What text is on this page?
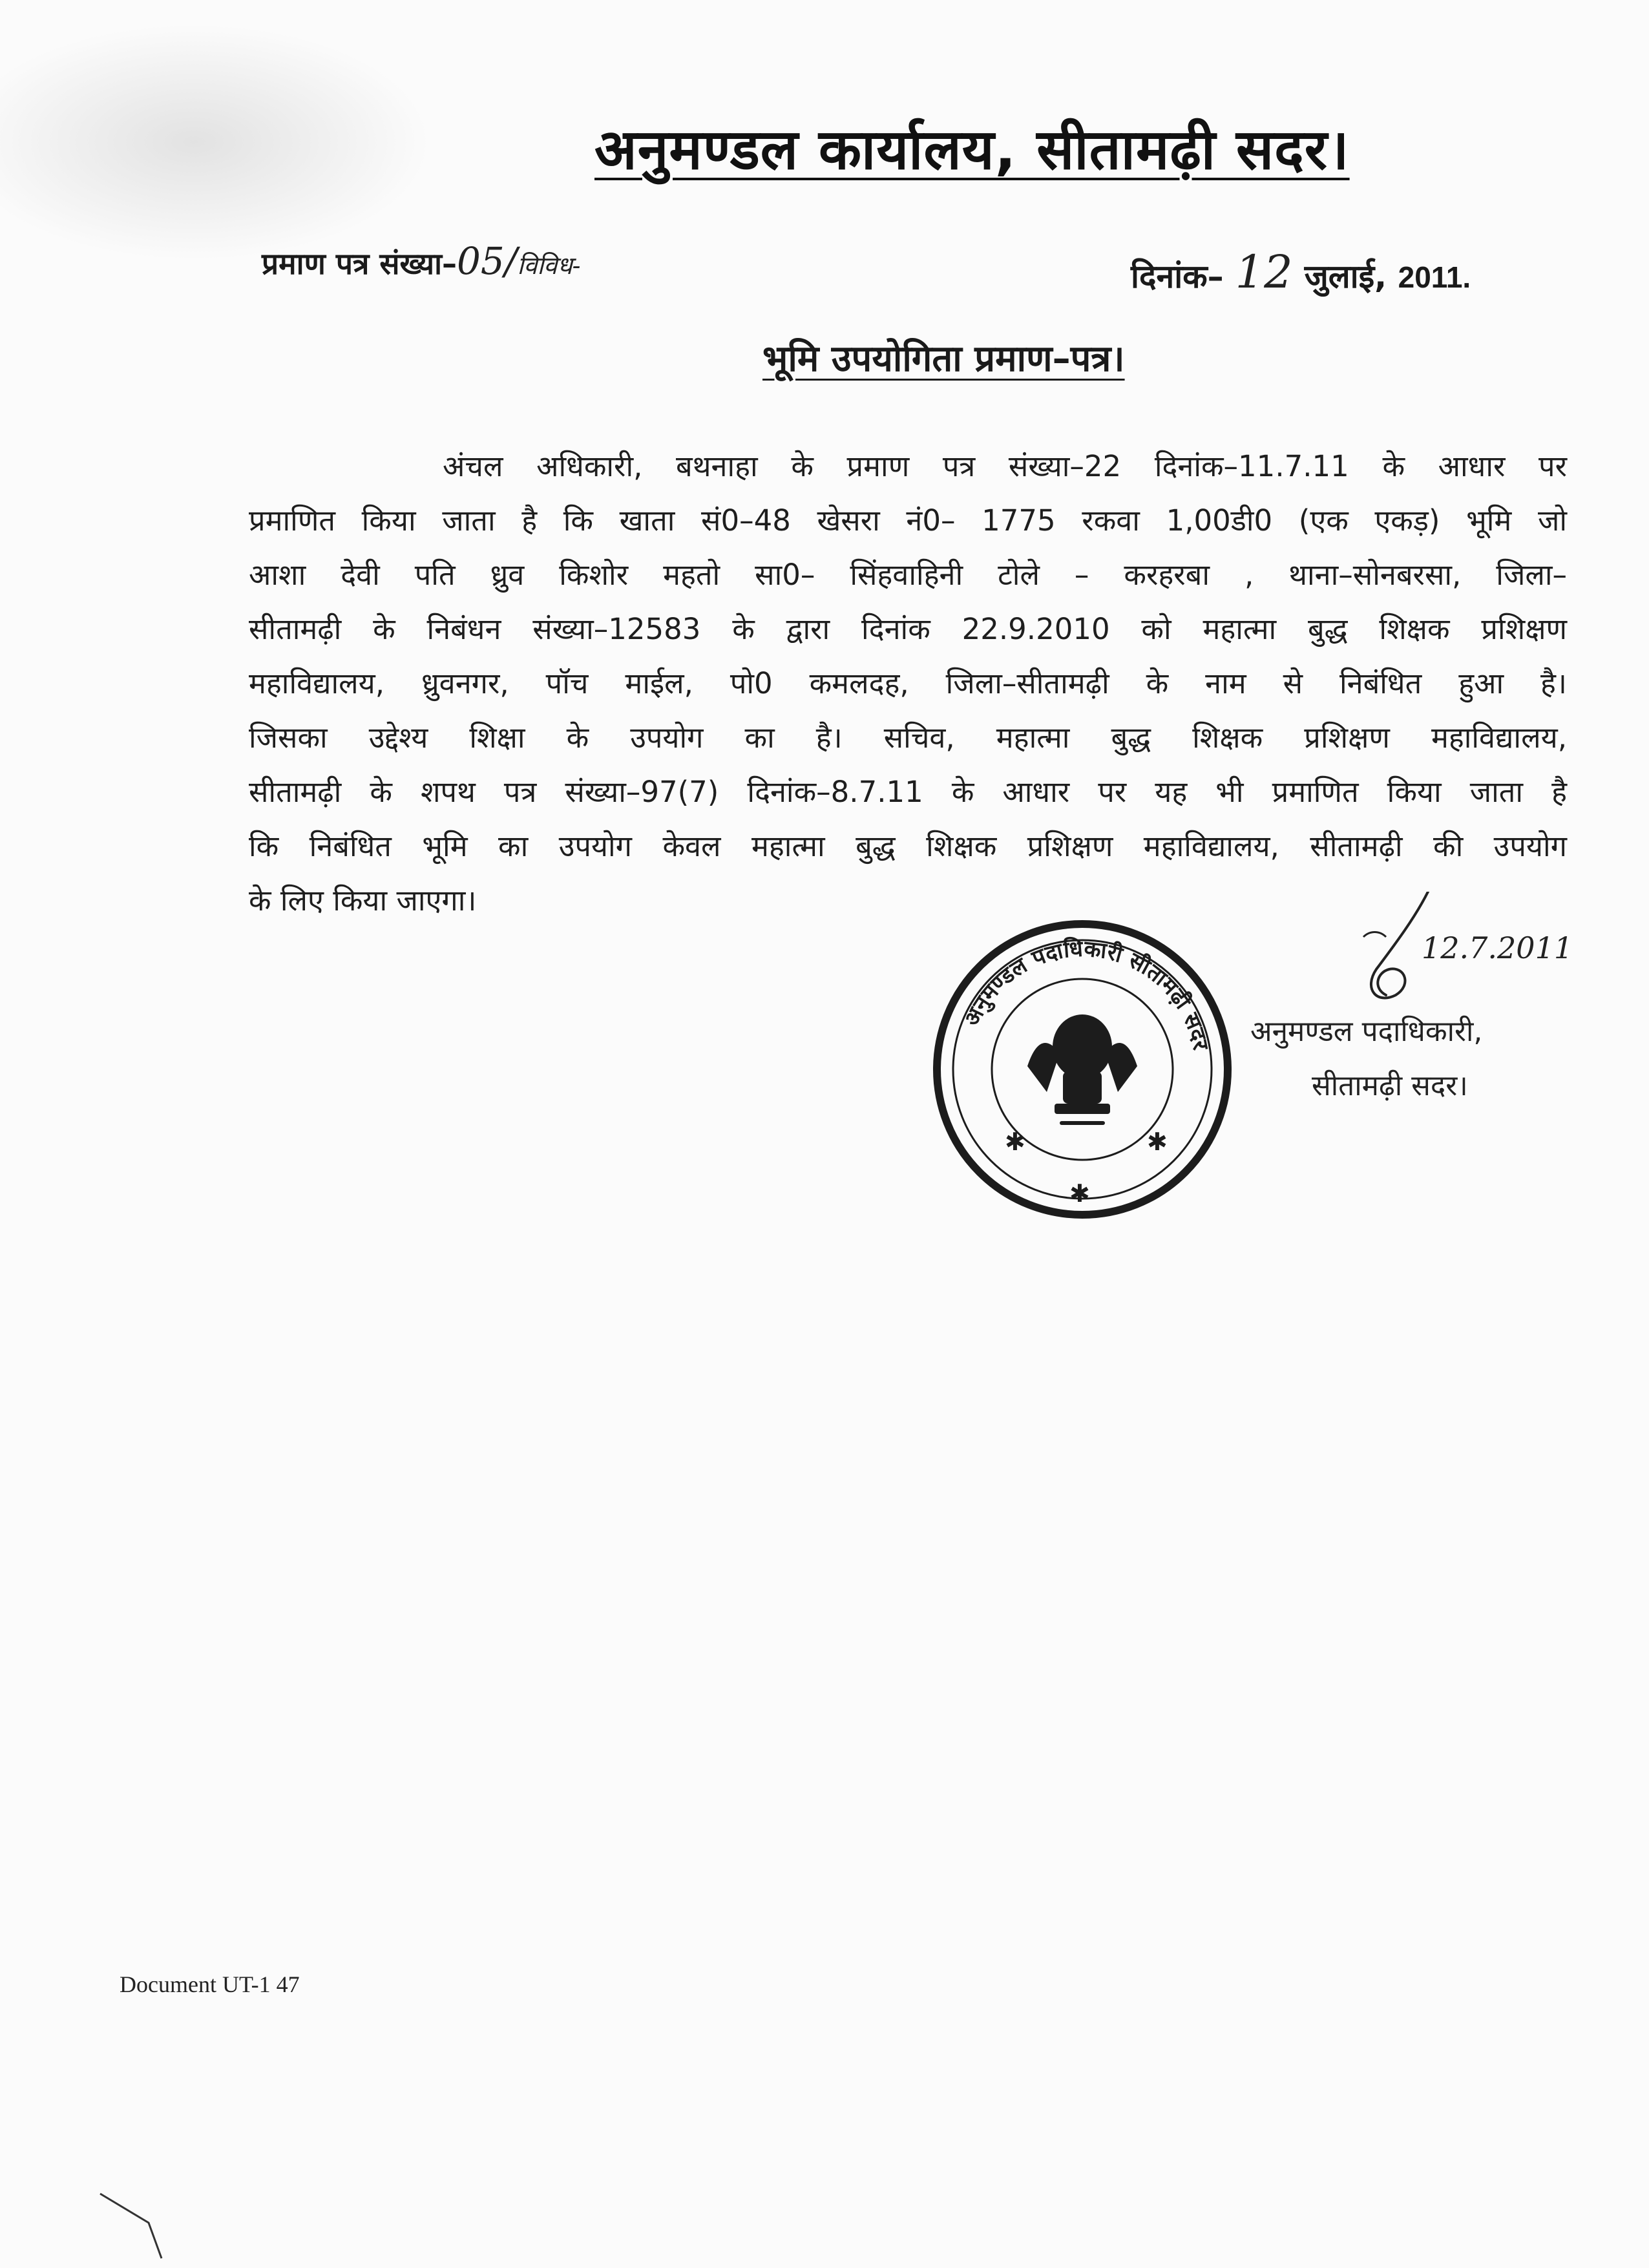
अनुमण्डल कार्यालय, सीतामढ़ी सदर।
प्रमाण पत्र संख्या–05/विविध-	दिनांक– 12 जुलाई, 2011.
भूमि उपयोगिता प्रमाण–पत्र।
अंचल अधिकारी, बथनाहा के प्रमाण पत्र संख्या–22 दिनांक–11.7.11 के आधार पर
प्रमाणित किया जाता है कि खाता सं0–48 खेसरा नं0– 1775 रकवा 1,00डी0 (एक एकड़) भूमि जो
आशा देवी पति ध्रुव किशोर महतो सा0– सिंहवाहिनी टोले – करहरबा , थाना–सोनबरसा, जिला–
सीतामढ़ी के निबंधन संख्या–12583 के द्वारा दिनांक 22.9.2010 को महात्मा बुद्ध शिक्षक प्रशिक्षण
महाविद्यालय, ध्रुवनगर, पॉच माईल, पो0 कमलदह, जिला–सीतामढ़ी के नाम से निबंधित हुआ है।
जिसका उद्देश्य शिक्षा के उपयोग का है। सचिव, महात्मा बुद्ध शिक्षक प्रशिक्षण महाविद्यालय,
सीतामढ़ी के शपथ पत्र संख्या–97(7) दिनांक–8.7.11 के आधार पर यह भी प्रमाणित किया जाता है
कि निबंधित भूमि का उपयोग केवल महात्मा बुद्ध शिक्षक प्रशिक्षण महाविद्यालय, सीतामढ़ी की उपयोग
के लिए किया जाएगा।
अनुमण्डल पदाधिकारी सीतामढ़ी सदर
✱	✱
✱
12.7.2011
अनुमण्डल पदाधिकारी,
सीतामढ़ी सदर।
Document UT-1 47
